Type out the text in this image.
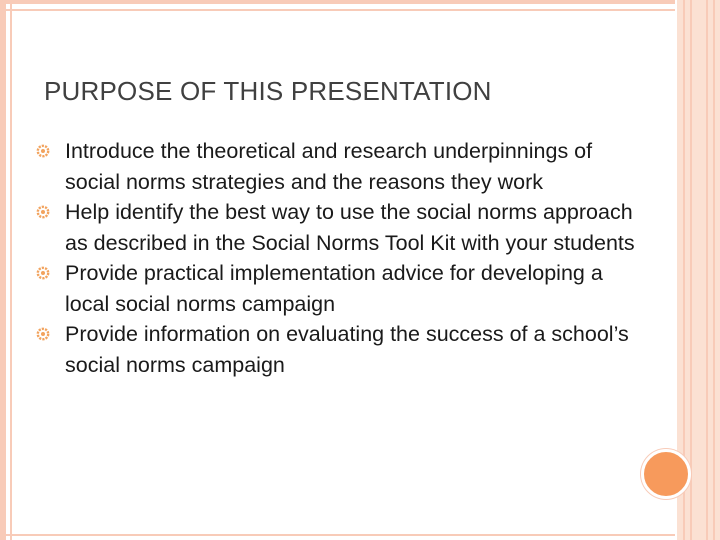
PURPOSE OF THIS PRESENTATION
Introduce the theoretical and research underpinnings of social norms strategies and the reasons they work
Help identify the best way to use the social norms approach as described in the Social Norms Tool Kit with your students
Provide practical implementation advice for developing a local social norms campaign
Provide information on evaluating the success of a school’s social norms campaign
